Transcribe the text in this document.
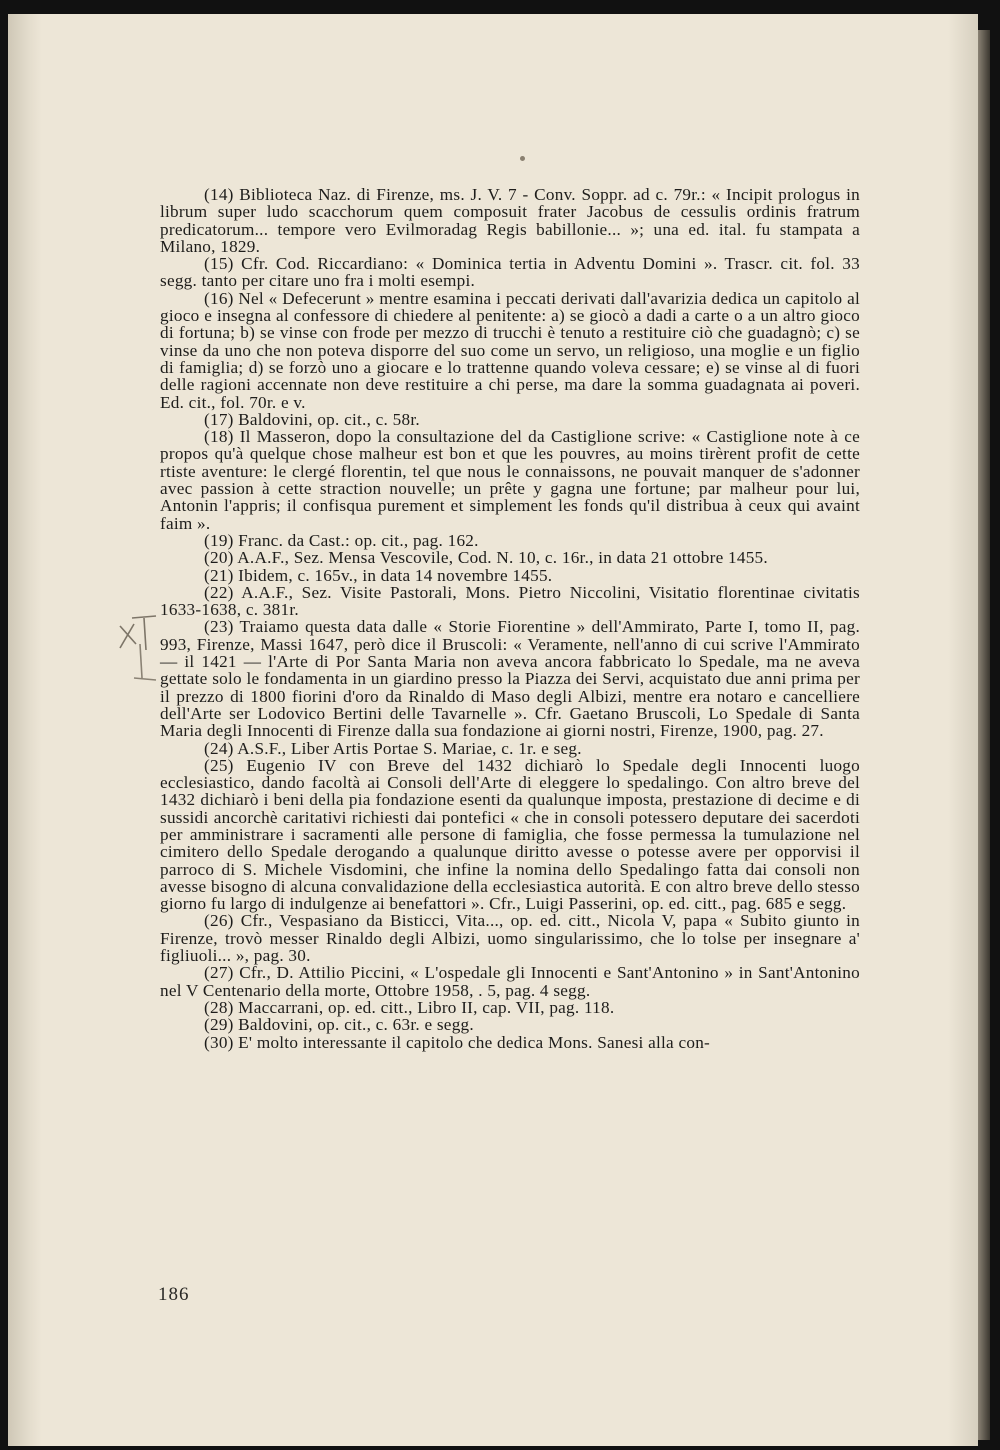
(14) Biblioteca Naz. di Firenze, ms. J. V. 7 - Conv. Soppr. ad c. 79r.: « Incipit prologus in librum super ludo scacchorum quem composuit frater Jacobus de cessulis ordinis fratrum predicatorum... tempore vero Evilmoradag Regis babillonie... »; una ed. ital. fu stampata a Milano, 1829.

(15) Cfr. Cod. Riccardiano: « Dominica tertia in Adventu Domini ». Trascr. cit. fol. 33 segg. tanto per citare uno fra i molti esempi.

(16) Nel « Defecerunt » mentre esamina i peccati derivati dall'avarizia dedica un capitolo al gioco e insegna al confessore di chiedere al penitente: a) se giocò a dadi a carte o a un altro gioco di fortuna; b) se vinse con frode per mezzo di trucchi è tenuto a restituire ciò che guadagnò; c) se vinse da uno che non poteva disporre del suo come un servo, un religioso, una moglie e un figlio di famiglia; d) se forzò uno a giocare e lo trattenne quando voleva cessare; e) se vinse al di fuori delle ragioni accennate non deve restituire a chi perse, ma dare la somma guadagnata ai poveri. Ed. cit., fol. 70r. e v.

(17) Baldovini, op. cit., c. 58r.

(18) Il Masseron, dopo la consultazione del da Castiglione scrive: « Castiglione note à ce propos qu'à quelque chose malheur est bon et que les pouvres, au moins tirèrent profit de cette rtiste aventure: le clergé florentin, tel que nous le connaissons, ne pouvait manquer de s'adonner avec passion à cette straction nouvelle; un prête y gagna une fortune; par malheur pour lui, Antonin l'appris; il confisqua purement et simplement les fonds qu'il distribua à ceux qui avaint faim ».

(19) Franc. da Cast.: op. cit., pag. 162.

(20) A.A.F., Sez. Mensa Vescovile, Cod. N. 10, c. 16r., in data 21 ottobre 1455.

(21) Ibidem, c. 165v., in data 14 novembre 1455.

(22) A.A.F., Sez. Visite Pastorali, Mons. Pietro Niccolini, Visitatio florentinae civitatis 1633-1638, c. 381r.

(23) Traiamo questa data dalle « Storie Fiorentine » dell'Ammirato, Parte I, tomo II, pag. 993, Firenze, Massi 1647, però dice il Bruscoli: « Veramente, nell'anno di cui scrive l'Ammirato — il 1421 — l'Arte di Por Santa Maria non aveva ancora fabbricato lo Spedale, ma ne aveva gettate solo le fondamenta in un giardino presso la Piazza dei Servi, acquistato due anni prima per il prezzo di 1800 fiorini d'oro da Rinaldo di Maso degli Albizi, mentre era notaro e cancelliere dell'Arte ser Lodovico Bertini delle Tavarnelle ». Cfr. Gaetano Bruscoli, Lo Spedale di Santa Maria degli Innocenti di Firenze dalla sua fondazione ai giorni nostri, Firenze, 1900, pag. 27.

(24) A.S.F., Liber Artis Portae S. Mariae, c. 1r. e seg.

(25) Eugenio IV con Breve del 1432 dichiarò lo Spedale degli Innocenti luogo ecclesiastico, dando facoltà ai Consoli dell'Arte di eleggere lo spedalingo. Con altro breve del 1432 dichiarò i beni della pia fondazione esenti da qualunque imposta, prestazione di decime e di sussidi ancorchè caritativi richiesti dai pontefici « che in consoli potessero deputare dei sacerdoti per amministrare i sacramenti alle persone di famiglia, che fosse permessa la tumulazione nel cimitero dello Spedale derogando a qualunque diritto avesse o potesse avere per opporvisi il parroco di S. Michele Visdomini, che infine la nomina dello Spedalingo fatta dai consoli non avesse bisogno di alcuna convalidazione della ecclesiastica autorità. E con altro breve dello stesso giorno fu largo di indulgenze ai benefattori ». Cfr., Luigi Passerini, op. ed. citt., pag. 685 e segg.

(26) Cfr., Vespasiano da Bisticci, Vita..., op. ed. citt., Nicola V, papa « Subito giunto in Firenze, trovò messer Rinaldo degli Albizi, uomo singularissimo, che lo tolse per insegnare a' figliuoli... », pag. 30.

(27) Cfr., D. Attilio Piccini, « L'ospedale gli Innocenti e Sant'Antonino » in Sant'Antonino nel V Centenario della morte, Ottobre 1958, . 5, pag. 4 segg.

(28) Maccarrani, op. ed. citt., Libro II, cap. VII, pag. 118.

(29) Baldovini, op. cit., c. 63r. e segg.

(30) E' molto interessante il capitolo che dedica Mons. Sanesi alla con-

186
